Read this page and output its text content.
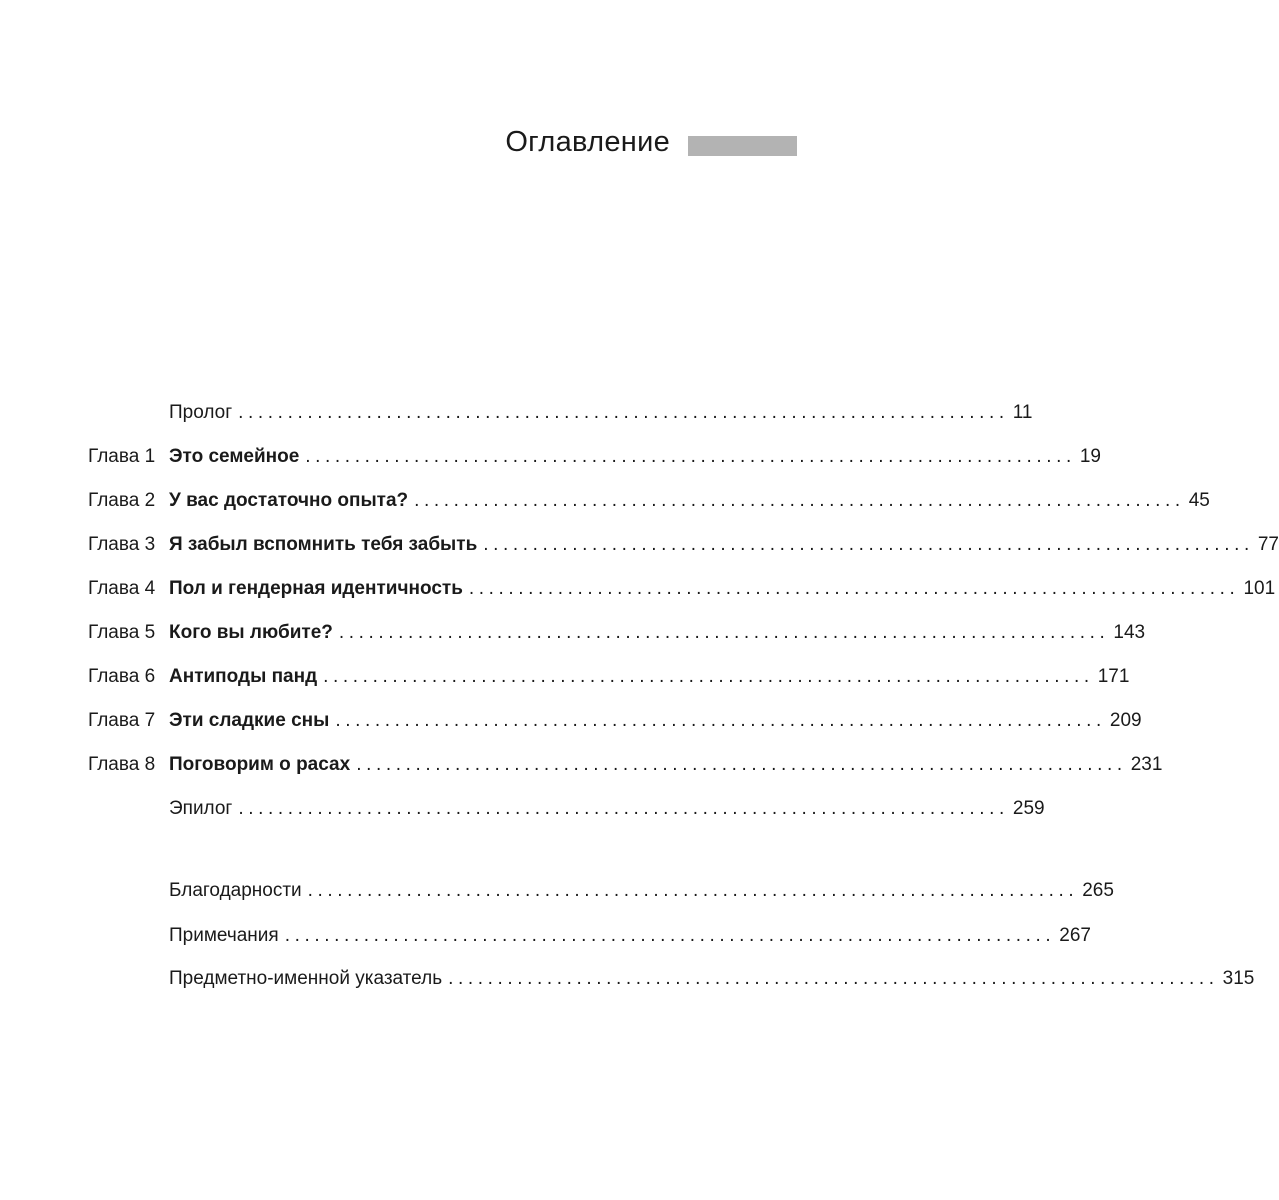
Оглавление
Пролог .............................................................................. 11
Глава 1 Это семейное .............................................................................. 19
Глава 2 У вас достаточно опыта? .............................................................................. 45
Глава 3 Я забыл вспомнить тебя забыть .............................................................................. 77
Глава 4 Пол и гендерная идентичность .............................................................................. 101
Глава 5 Кого вы любите? .............................................................................. 143
Глава 6 Антиподы панд .............................................................................. 171
Глава 7 Эти сладкие сны .............................................................................. 209
Глава 8 Поговорим о расах .............................................................................. 231
Эпилог .............................................................................. 259
Благодарности .............................................................................. 265
Примечания .............................................................................. 267
Предметно-именной указатель .............................................................................. 315
